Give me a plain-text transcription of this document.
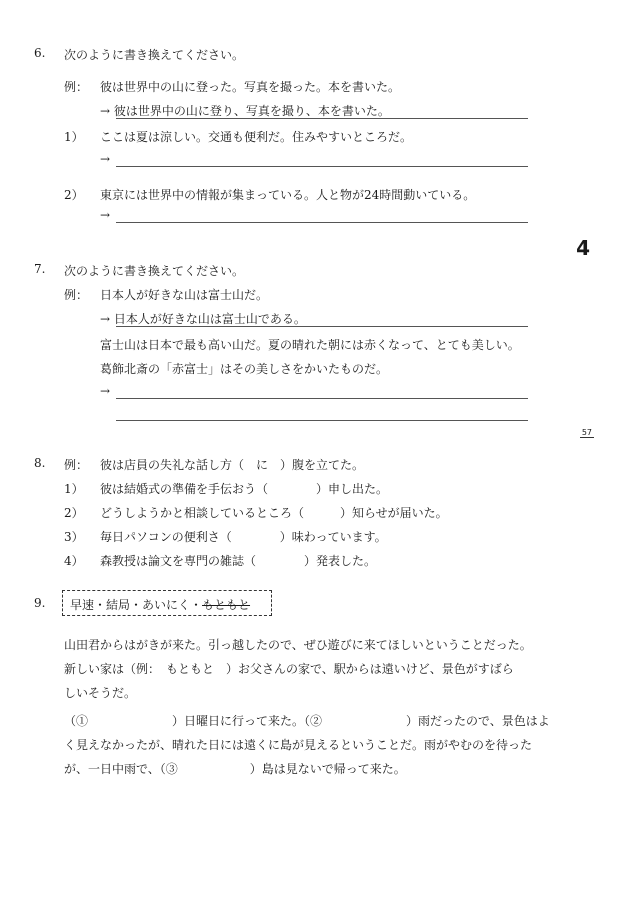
4
57
6. 次のように書き換えてください。
例： 彼は世界中の山に登った。写真を撮った。本を書いた。
→ 彼は世界中の山に登り、写真を撮り、本を書いた。
1） ここは夏は涼しい。交通も便利だ。住みやすいところだ。
→
2） 東京には世界中の情報が集まっている。人と物が24時間動いている。
→
7. 次のように書き換えてください。
例： 日本人が好きな山は富士山だ。
→ 日本人が好きな山は富士山である。
富士山は日本で最も高い山だ。夏の晴れた朝には赤くなって、とても美しい。
葛飾北斎の「赤富士」はその美しさをかいたものだ。
→
8. 例： 彼は店員の失礼な話し方（　に　）腹を立てた。
1） 彼は結婚式の準備を手伝おう（　　　　）申し出た。
2） どうしようかと相談しているところ（　　　）知らせが届いた。
3） 毎日パソコンの便利さ（　　　　）味わっています。
4） 森教授は論文を専門の雑誌（　　　　）発表した。
9. 早速・結局・あいにく・もともと
山田君からはがきが来た。引っ越したので、ぜひ遊びに来てほしいということだった。
新しい家は（例：　もともと　）お父さんの家で、駅からは遠いけど、景色がすばら
しいそうだ。
（①　　　　　　　）日曜日に行って来た。（②　　　　　　　）雨だったので、景色はよ
く見えなかったが、晴れた日には遠くに島が見えるということだ。雨がやむのを待った
が、一日中雨で、（③　　　　　　）島は見ないで帰って来た。
